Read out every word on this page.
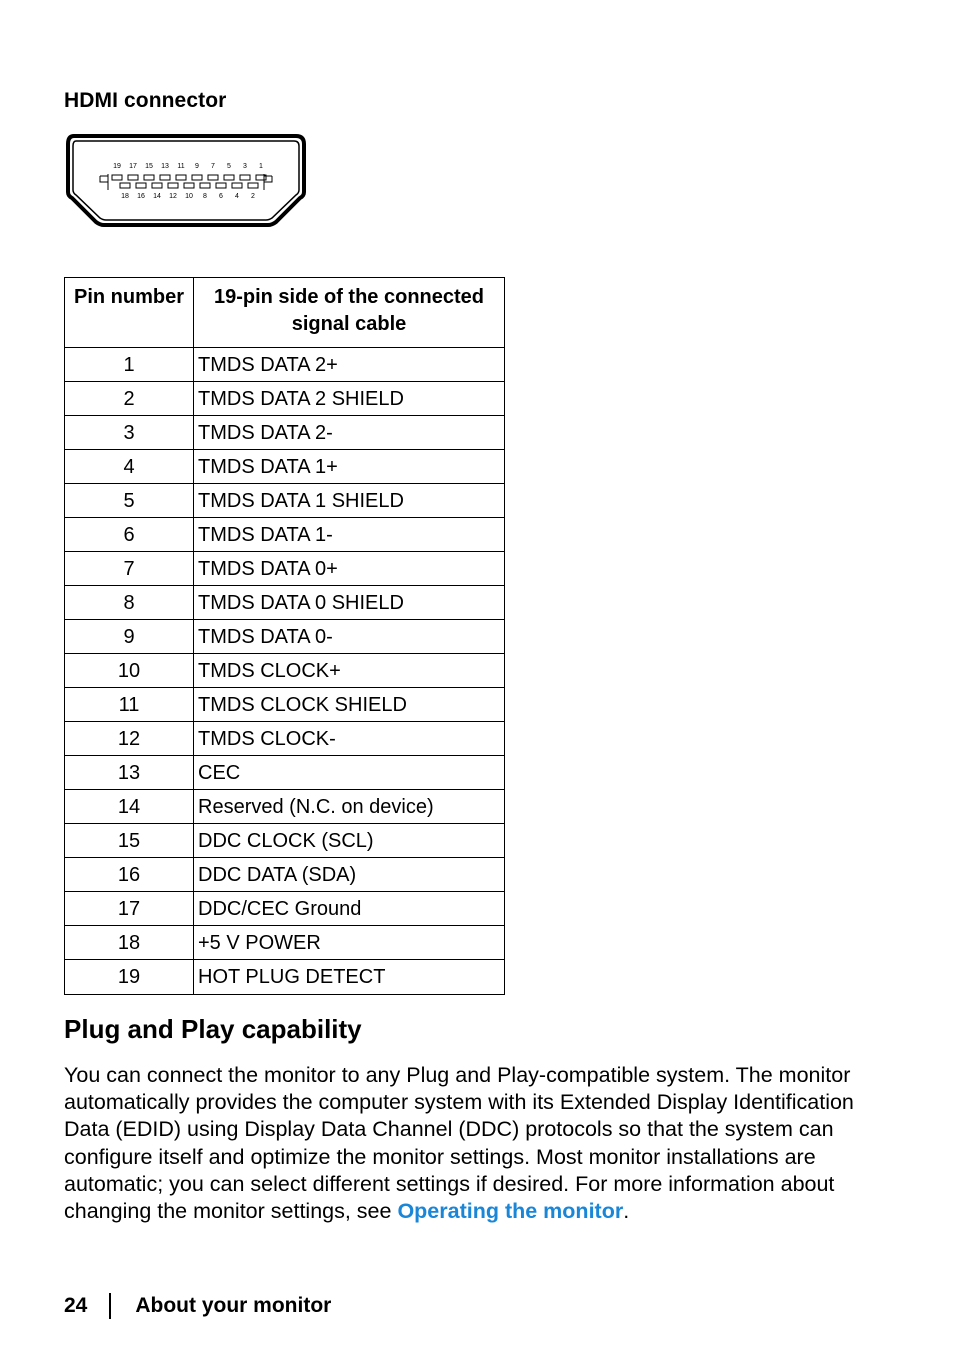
HDMI connector
19 17 15 13 11 9 7 5 3 1
18 16 14 12 10 8 6 4 2
Pin number	19-pin side of the connected signal cable
1	TMDS DATA 2+
2	TMDS DATA 2 SHIELD
3	TMDS DATA 2-
4	TMDS DATA 1+
5	TMDS DATA 1 SHIELD
6	TMDS DATA 1-
7	TMDS DATA 0+
8	TMDS DATA 0 SHIELD
9	TMDS DATA 0-
10	TMDS CLOCK+
11	TMDS CLOCK SHIELD
12	TMDS CLOCK-
13	CEC
14	Reserved (N.C. on device)
15	DDC CLOCK (SCL)
16	DDC DATA (SDA)
17	DDC/CEC Ground
18	+5 V POWER
19	HOT PLUG DETECT
Plug and Play capability
You can connect the monitor to any Plug and Play-compatible system. The monitor automatically provides the computer system with its Extended Display Identification Data (EDID) using Display Data Channel (DDC) protocols so that the system can configure itself and optimize the monitor settings. Most monitor installations are automatic; you can select different settings if desired. For more information about changing the monitor settings, see Operating the monitor.
24 About your monitor
